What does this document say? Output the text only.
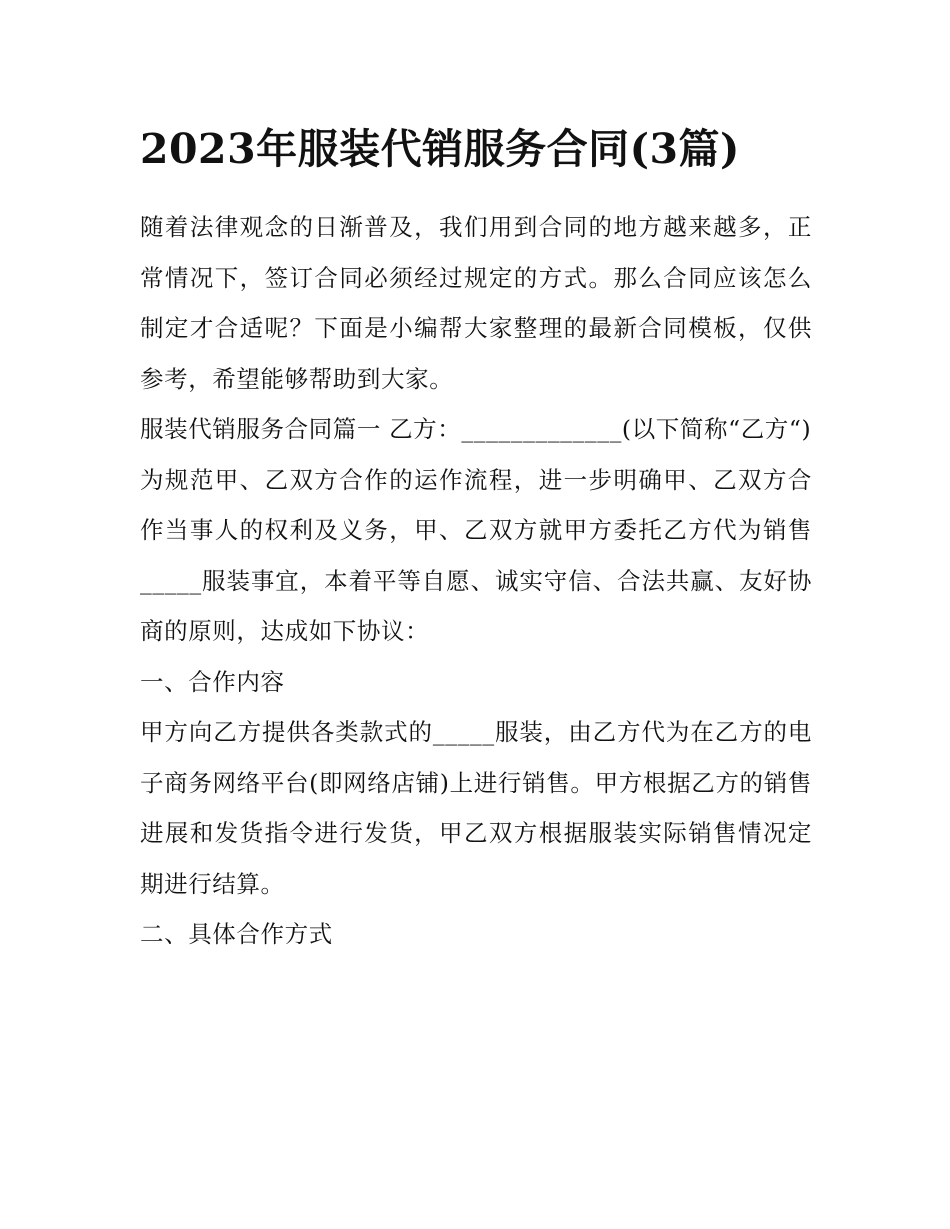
2023年服装代销服务合同(3篇)

随着法律观念的日渐普及，我们用到合同的地方越来越多，正常情况下，签订合同必须经过规定的方式。那么合同应该怎么制定才合适呢？下面是小编帮大家整理的最新合同模板，仅供参考，希望能够帮助到大家。

服装代销服务合同篇一 乙方：_____________(以下简称“乙方“)

为规范甲、乙双方合作的运作流程，进一步明确甲、乙双方合作当事人的权利及义务，甲、乙双方就甲方委托乙方代为销售_____服装事宜，本着平等自愿、诚实守信、合法共赢、友好协商的原则，达成如下协议：

一、合作内容

甲方向乙方提供各类款式的_____服装，由乙方代为在乙方的电子商务网络平台(即网络店铺)上进行销售。甲方根据乙方的销售进展和发货指令进行发货，甲乙双方根据服装实际销售情况定期进行结算。

二、具体合作方式
